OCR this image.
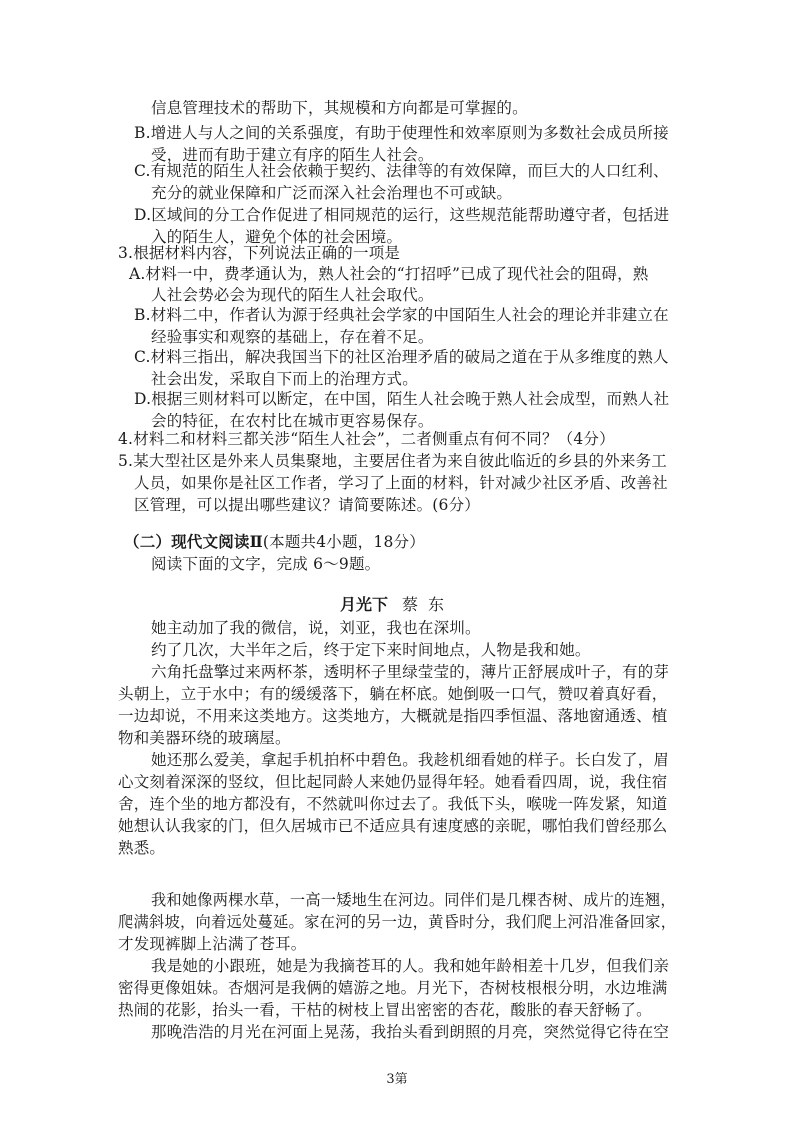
信息管理技术的帮助下，其规模和方向都是可掌握的。
B.增进人与人之间的关系强度，有助于使理性和效率原则为多数社会成员所接
受，进而有助于建立有序的陌生人社会。
C.有规范的陌生人社会依赖于契约、法律等的有效保障，而巨大的人口红利、
充分的就业保障和广泛而深入社会治理也不可或缺。
D.区域间的分工合作促进了相同规范的运行，这些规范能帮助遵守者，包括进
入的陌生人，避免个体的社会困境。
3.根据材料内容，下列说法正确的一项是
A.材料一中，费孝通认为，熟人社会的“打招呼”已成了现代社会的阻碍，熟
人社会势必会为现代的陌生人社会取代。
B.材料二中，作者认为源于经典社会学家的中国陌生人社会的理论并非建立在
经验事实和观察的基础上，存在着不足。
C.材料三指出，解决我国当下的社区治理矛盾的破局之道在于从多维度的熟人
社会出发，采取自下而上的治理方式。
D.根据三则材料可以断定，在中国，陌生人社会晚于熟人社会成型，而熟人社
会的特征，在农村比在城市更容易保存。
4.材料二和材料三都关涉“陌生人社会”，二者侧重点有何不同？（4分）
5.某大型社区是外来人员集聚地，主要居住者为来自彼此临近的乡县的外来务工
人员，如果你是社区工作者，学习了上面的材料，针对减少社区矛盾、改善社
区管理，可以提出哪些建议？请简要陈述。(6分）
（二）现代文阅读Ⅱ(本题共4小题，18分）
阅读下面的文字，完成 6～9题。
月光下 蔡东
她主动加了我的微信，说，刘亚，我也在深圳。
约了几次，大半年之后，终于定下来时间地点，人物是我和她。
六角托盘擎过来两杯茶，透明杯子里绿莹莹的，薄片正舒展成叶子，有的芽
头朝上，立于水中；有的缓缓落下，躺在杯底。她倒吸一口气，赞叹着真好看，
一边却说，不用来这类地方。这类地方，大概就是指四季恒温、落地窗通透、植
物和美器环绕的玻璃屋。
她还那么爱美，拿起手机拍杯中碧色。我趁机细看她的样子。长白发了，眉
心文刻着深深的竖纹，但比起同龄人来她仍显得年轻。她看看四周，说，我住宿
舍，连个坐的地方都没有，不然就叫你过去了。我低下头，喉咙一阵发紧，知道
她想认认我家的门，但久居城市已不适应具有速度感的亲昵，哪怕我们曾经那么
熟悉。
我和她像两棵水草，一高一矮地生在河边。同伴们是几棵杏树、成片的连翘，
爬满斜坡，向着远处蔓延。家在河的另一边，黄昏时分，我们爬上河沿准备回家，
才发现裤脚上沾满了苍耳。
我是她的小跟班，她是为我摘苍耳的人。我和她年龄相差十几岁，但我们亲
密得更像姐妹。杏烟河是我俩的嬉游之地。月光下，杏树枝根根分明，水边堆满
热闹的花影，抬头一看，干枯的树枝上冒出密密的杏花，酸胀的春天舒畅了。
那晚浩浩的月光在河面上晃荡，我抬头看到朗照的月亮，突然觉得它待在空
3第
